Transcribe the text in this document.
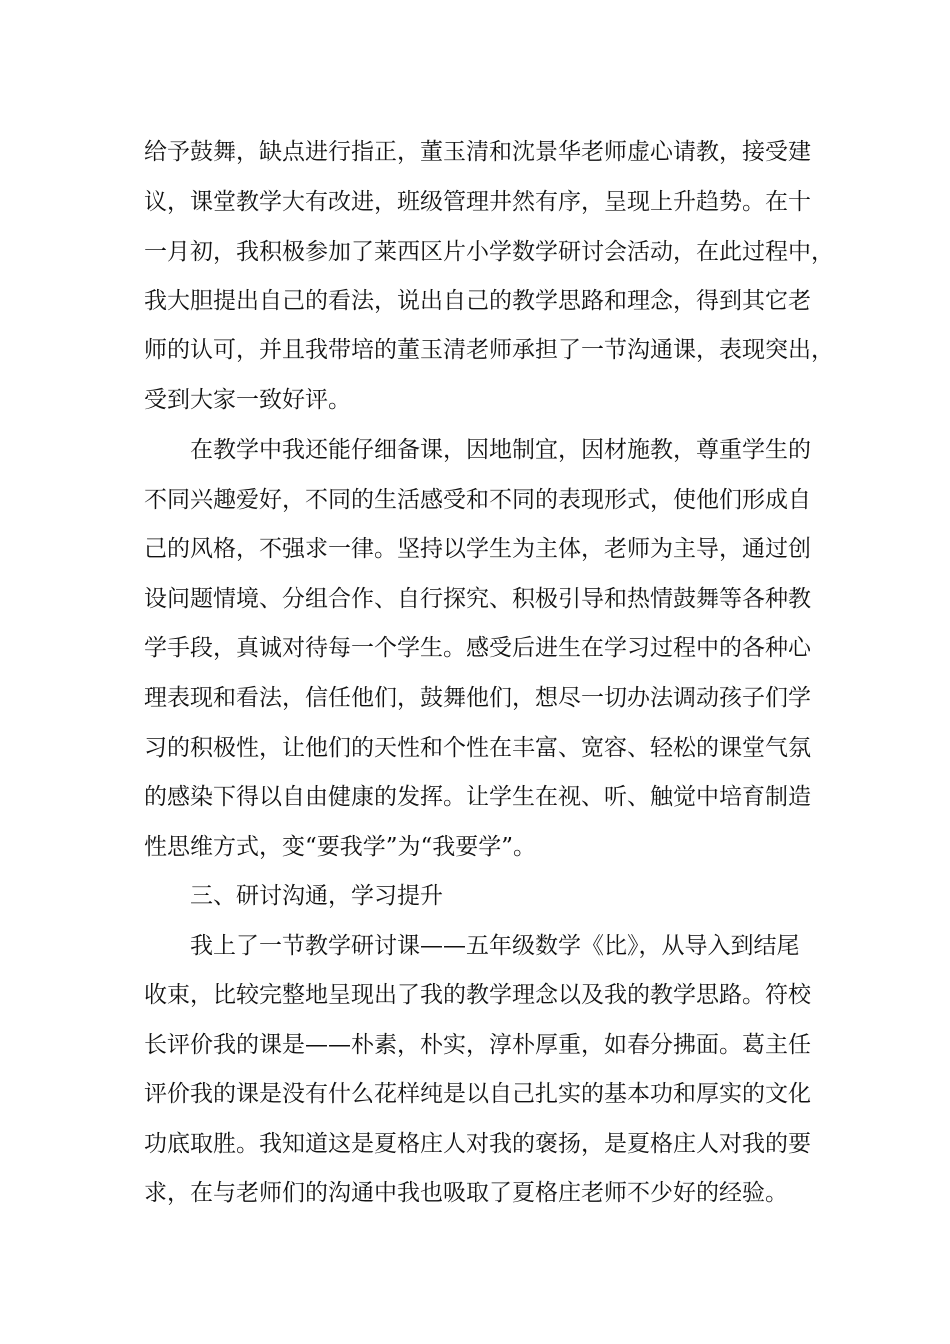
给予鼓舞，缺点进行指正，董玉清和沈景华老师虚心请教，接受建
议，课堂教学大有改进，班级管理井然有序，呈现上升趋势。在十
一月初，我积极参加了莱西区片小学数学研讨会活动，在此过程中，
我大胆提出自己的看法，说出自己的教学思路和理念，得到其它老
师的认可，并且我带培的董玉清老师承担了一节沟通课，表现突出，
受到大家一致好评。
在教学中我还能仔细备课，因地制宜，因材施教，尊重学生的
不同兴趣爱好，不同的生活感受和不同的表现形式，使他们形成自
己的风格，不强求一律。坚持以学生为主体，老师为主导，通过创
设问题情境、分组合作、自行探究、积极引导和热情鼓舞等各种教
学手段，真诚对待每一个学生。感受后进生在学习过程中的各种心
理表现和看法，信任他们，鼓舞他们，想尽一切办法调动孩子们学
习的积极性，让他们的天性和个性在丰富、宽容、轻松的课堂气氛
的感染下得以自由健康的发挥。让学生在视、听、触觉中培育制造
性思维方式，变“要我学”为“我要学”。
三、研讨沟通，学习提升
我上了一节教学研讨课——五年级数学《比》，从导入到结尾
收束，比较完整地呈现出了我的教学理念以及我的教学思路。符校
长评价我的课是——朴素，朴实，淳朴厚重，如春分拂面。葛主任
评价我的课是没有什么花样纯是以自己扎实的基本功和厚实的文化
功底取胜。我知道这是夏格庄人对我的褒扬，是夏格庄人对我的要
求，在与老师们的沟通中我也吸取了夏格庄老师不少好的经验。
